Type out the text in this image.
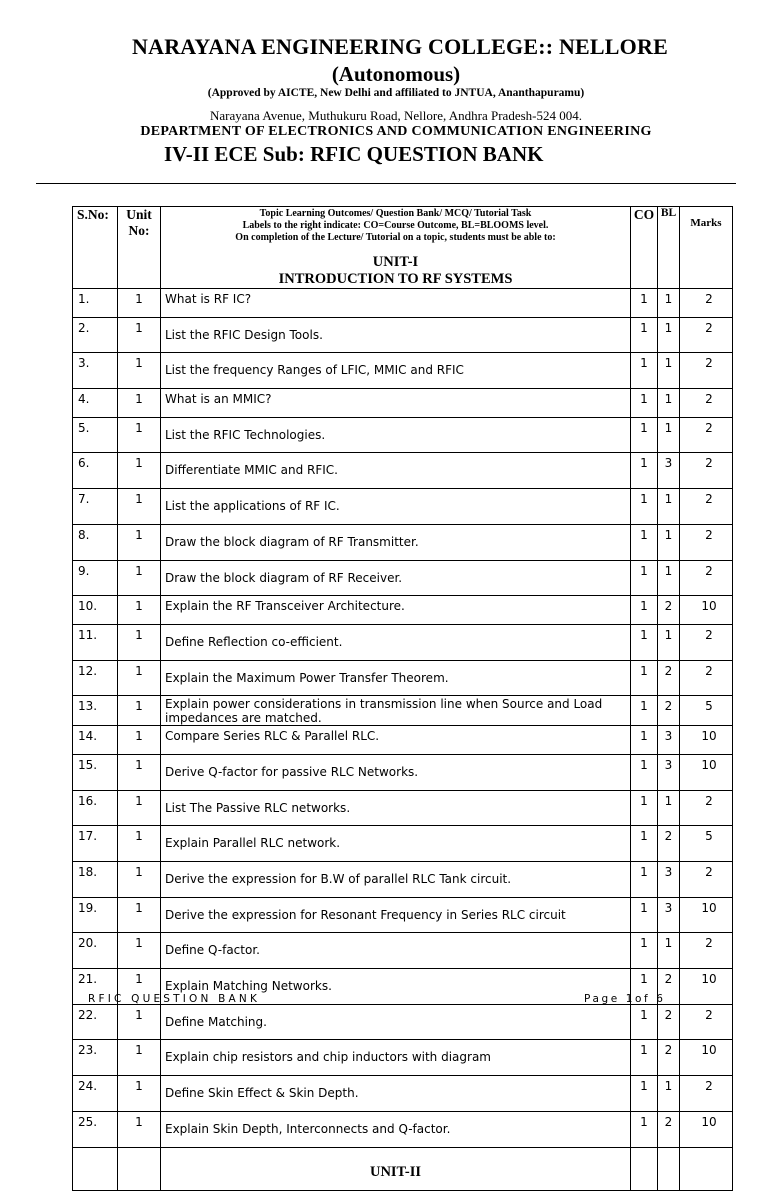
NARAYANA ENGINEERING COLLEGE:: NELLORE
(Autonomous)
(Approved by AICTE, New Delhi and affiliated to JNTUA, Ananthapuramu)
Narayana Avenue, Muthukuru Road, Nellore, Andhra Pradesh-524 004.
DEPARTMENT OF ELECTRONICS AND COMMUNICATION ENGINEERING
IV-II ECE Sub: RFIC QUESTION BANK
S.No:	Unit No:	Topic Learning Outcomes/ Question Bank/ MCQ/ Tutorial Task
Labels to the right indicate: CO=Course Outcome, BL=BLOOMS level.
On completion of the Lecture/ Tutorial on a topic, students must be able to:
UNIT-I
INTRODUCTION TO RF SYSTEMS	CO	BL	Marks
1.	1	What is RF IC?	1	1	2
2.	1	List the RFIC Design Tools.	1	1	2
3.	1	List the frequency Ranges of LFIC, MMIC and RFIC	1	1	2
4.	1	What is an MMIC?	1	1	2
5.	1	List the RFIC Technologies.	1	1	2
6.	1	Differentiate MMIC and RFIC.	1	3	2
7.	1	List the applications of RF IC.	1	1	2
8.	1	Draw the block diagram of RF Transmitter.	1	1	2
9.	1	Draw the block diagram of RF Receiver.	1	1	2
10.	1	Explain the RF Transceiver Architecture.	1	2	10
11.	1	Define Reflection co-efficient.	1	1	2
12.	1	Explain the Maximum Power Transfer Theorem.	1	2	2
13.	1	Explain power considerations in transmission line when Source and Load impedances are matched.	1	2	5
14.	1	Compare Series RLC & Parallel RLC.	1	3	10
15.	1	Derive Q-factor for passive RLC Networks.	1	3	10
16.	1	List The Passive RLC networks.	1	1	2
17.	1	Explain Parallel RLC network.	1	2	5
18.	1	Derive the expression for B.W of parallel RLC Tank circuit.	1	3	2
19.	1	Derive the expression for Resonant Frequency in Series RLC circuit	1	3	10
20.	1	Define Q-factor.	1	1	2
21.	1	Explain Matching Networks.	1	2	10
22.	1	Define Matching.	1	2	2
23.	1	Explain chip resistors and chip inductors with diagram	1	2	10
24.	1	Define Skin Effect & Skin Depth.	1	1	2
25.	1	Explain Skin Depth, Interconnects and Q-factor.	1	2	10

		UNIT-II			

RFIC QUESTION BANK	Page 1of 6
